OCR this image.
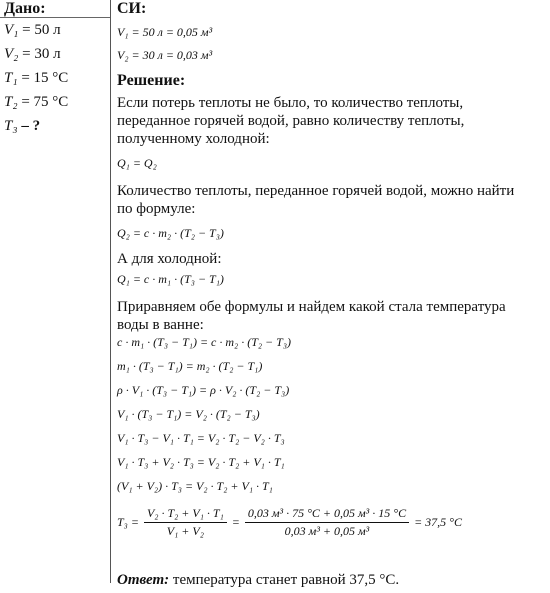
Дано:
V₁ = 50 л
V₂ = 30 л
T₁ = 15 °C
T₂ = 75 °C
T₃ – ?
СИ:
V₁ = 50 л = 0,05 м³
V₂ = 30 л = 0,03 м³
Решение:
Если потерь теплоты не было, то количество теплоты,
переданное горячей водой, равно количеству теплоты,
полученному холодной:
Q₁ = Q₂
Количество теплоты, переданное горячей водой, можно найти
по формуле:
Q₂ = c · m₂ · (T₂ − T₃)
А для холодной:
Q₁ = c · m₁ · (T₃ − T₁)
Приравняем обе формулы и найдем какой стала температура
воды в ванне:
c · m₁ · (T₃ − T₁) = c · m₂ · (T₂ − T₃)
m₁ · (T₃ − T₁) = m₂ · (T₂ − T₁)
ρ · V₁ · (T₃ − T₁) = ρ · V₂ · (T₂ − T₃)
V₁ · (T₃ − T₁) = V₂ · (T₂ − T₃)
V₁ · T₃ − V₁ · T₁ = V₂ · T₂ − V₂ · T₃
V₁ · T₃ + V₂ · T₃ = V₂ · T₂ + V₁ · T₁
(V₁ + V₂) · T₃ = V₂ · T₂ + V₁ · T₁
$T_3 = \frac{\text{V₂ · T₂ + V₁ · T₁}}{\text{V₁ + V₂}} = \frac{\text{0,03 м³ · 75 °C + 0,05 м³ · 15 °C}}{\text{0,03 м³ + 0,05 м³}} = 37,5$ °C
Ответ: температура станет равной 37,5 °C.
